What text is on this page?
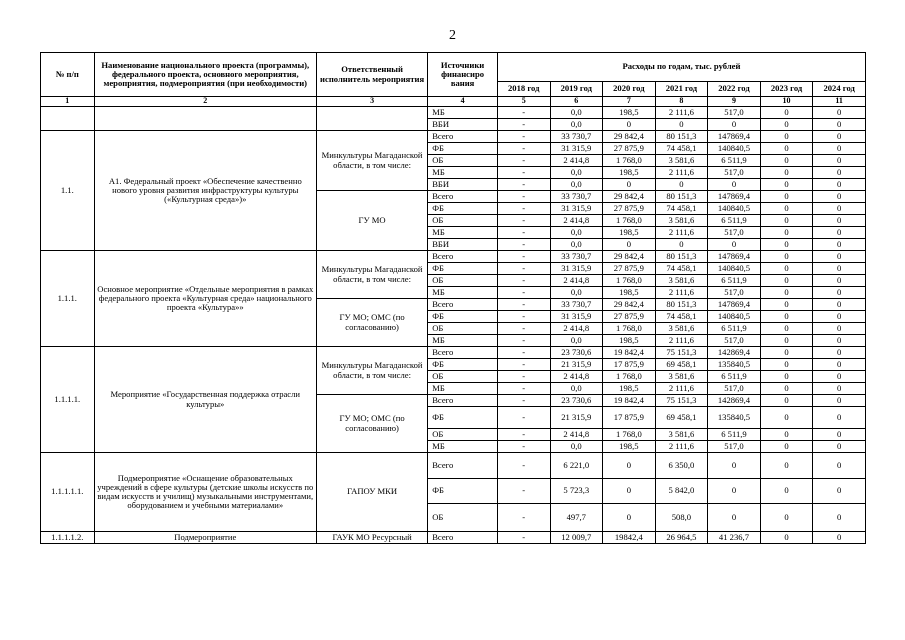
2
№ п/п	Наименование национального проекта (программы), федерального проекта, основного мероприятия, мероприятия, подмероприятия (при необходимости)	Ответственный исполнитель мероприятия	Источники финансиро вания	Расходы по годам, тыс. рублей						
				2018 год	2019 год	2020 год	2021 год	2022 год	2023 год	2024 год
1	2	3	4	5	6	7	8	9	10	11
			МБ	-	0,0	198,5	2 111,6	517,0	0	0
			ВБИ	-	0,0	0	0	0	0	0
1.1.	А1. Федеральный проект «Обеспечение качественно нового уровня развития инфраструктуры культуры («Культурная среда»)»	Минкультуры Магаданской области, в том числе:	Всего	-	33 730,7	29 842,4	80 151,3	147869,4	0	0
			ФБ	-	31 315,9	27 875,9	74 458,1	140840,5	0	0
			ОБ	-	2 414,8	1 768,0	3 581,6	6 511,9	0	0
			МБ	-	0,0	198,5	2 111,6	517,0	0	0
			ВБИ	-	0,0	0	0	0	0	0
		ГУ МО	Всего	-	33 730,7	29 842,4	80 151,3	147869,4	0	0
			ФБ	-	31 315,9	27 875,9	74 458,1	140840,5	0	0
			ОБ	-	2 414,8	1 768,0	3 581,6	6 511,9	0	0
			МБ	-	0,0	198,5	2 111,6	517,0	0	0
			ВБИ	-	0,0	0	0	0	0	0
1.1.1.	Основное мероприятие «Отдельные мероприятия в рамках федерального проекта «Культурная среда» национального проекта «Культура»»	Минкультуры Магаданской области, в том числе:	Всего	-	33 730,7	29 842,4	80 151,3	147869,4	0	0
			ФБ	-	31 315,9	27 875,9	74 458,1	140840,5	0	0
			ОБ	-	2 414,8	1 768,0	3 581,6	6 511,9	0	0
			МБ	-	0,0	198,5	2 111,6	517,0	0	0
		ГУ МО; ОМС (по согласованию)	Всего	-	33 730,7	29 842,4	80 151,3	147869,4	0	0
			ФБ	-	31 315,9	27 875,9	74 458,1	140840,5	0	0
			ОБ	-	2 414,8	1 768,0	3 581,6	6 511,9	0	0
			МБ	-	0,0	198,5	2 111,6	517,0	0	0
1.1.1.1.	Мероприятие «Государственная поддержка отрасли культуры»	Минкультуры Магаданской области, в том числе:	Всего	-	23 730,6	19 842,4	75 151,3	142869,4	0	0
			ФБ	-	21 315,9	17 875,9	69 458,1	135840,5	0	0
			ОБ	-	2 414,8	1 768,0	3 581,6	6 511,9	0	0
			МБ	-	0,0	198,5	2 111,6	517,0	0	0
		ГУ МО; ОМС (по согласованию)	Всего	-	23 730,6	19 842,4	75 151,3	142869,4	0	0
			ФБ	-	21 315,9	17 875,9	69 458,1	135840,5	0	0
			ОБ	-	2 414,8	1 768,0	3 581,6	6 511,9	0	0
			МБ	-	0,0	198,5	2 111,6	517,0	0	0
1.1.1.1.1.	Подмероприятие «Оснащение образовательных учреждений в сфере культуры (детские школы искусств по видам искусств и училищ) музыкальными инструментами, оборудованием и учебными материалами»	ГАПОУ МКИ	Всего	-	6 221,0	0	6 350,0	0	0	0
			ФБ	-	5 723,3	0	5 842,0	0	0	0
			ОБ	-	497,7	0	508,0	0	0	0
1.1.1.1.2.	Подмероприятие	ГАУК МО Ресурсный	Всего	-	12 009,7	19842,4	26 964,5	41 236,7	0	0
